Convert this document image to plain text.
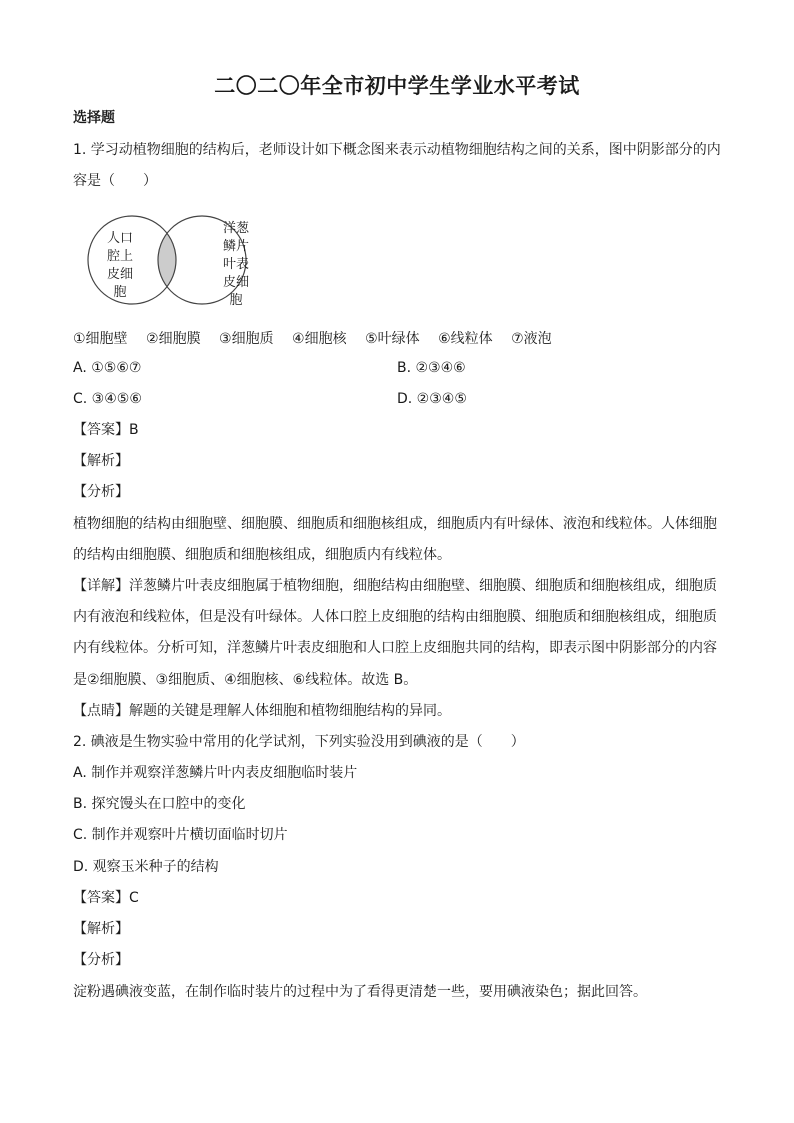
二〇二〇年全市初中学生学业水平考试
选择题
1. 学习动植物细胞的结构后，老师设计如下概念图来表示动植物细胞结构之间的关系，图中阴影部分的内
容是（　　）
人口腔上皮细胞
洋葱鳞片叶表皮细胞
①细胞壁 ②细胞膜 ③细胞质 ④细胞核 ⑤叶绿体 ⑥线粒体 ⑦液泡
A. ①⑤⑥⑦	B. ②③④⑥
C. ③④⑤⑥	D. ②③④⑤
【答案】B
【解析】
【分析】
植物细胞的结构由细胞壁、细胞膜、细胞质和细胞核组成，细胞质内有叶绿体、液泡和线粒体。人体细胞
的结构由细胞膜、细胞质和细胞核组成，细胞质内有线粒体。
【详解】洋葱鳞片叶表皮细胞属于植物细胞，细胞结构由细胞壁、细胞膜、细胞质和细胞核组成，细胞质
内有液泡和线粒体，但是没有叶绿体。人体口腔上皮细胞的结构由细胞膜、细胞质和细胞核组成，细胞质
内有线粒体。分析可知，洋葱鳞片叶表皮细胞和人口腔上皮细胞共同的结构，即表示图中阴影部分的内容
是②细胞膜、③细胞质、④细胞核、⑥线粒体。故选 B。
【点睛】解题的关键是理解人体细胞和植物细胞结构的异同。
2. 碘液是生物实验中常用的化学试剂，下列实验没用到碘液的是（　　）
A. 制作并观察洋葱鳞片叶内表皮细胞临时装片
B. 探究馒头在口腔中的变化
C. 制作并观察叶片横切面临时切片
D. 观察玉米种子的结构
【答案】C
【解析】
【分析】
淀粉遇碘液变蓝，在制作临时装片的过程中为了看得更清楚一些，要用碘液染色；据此回答。
